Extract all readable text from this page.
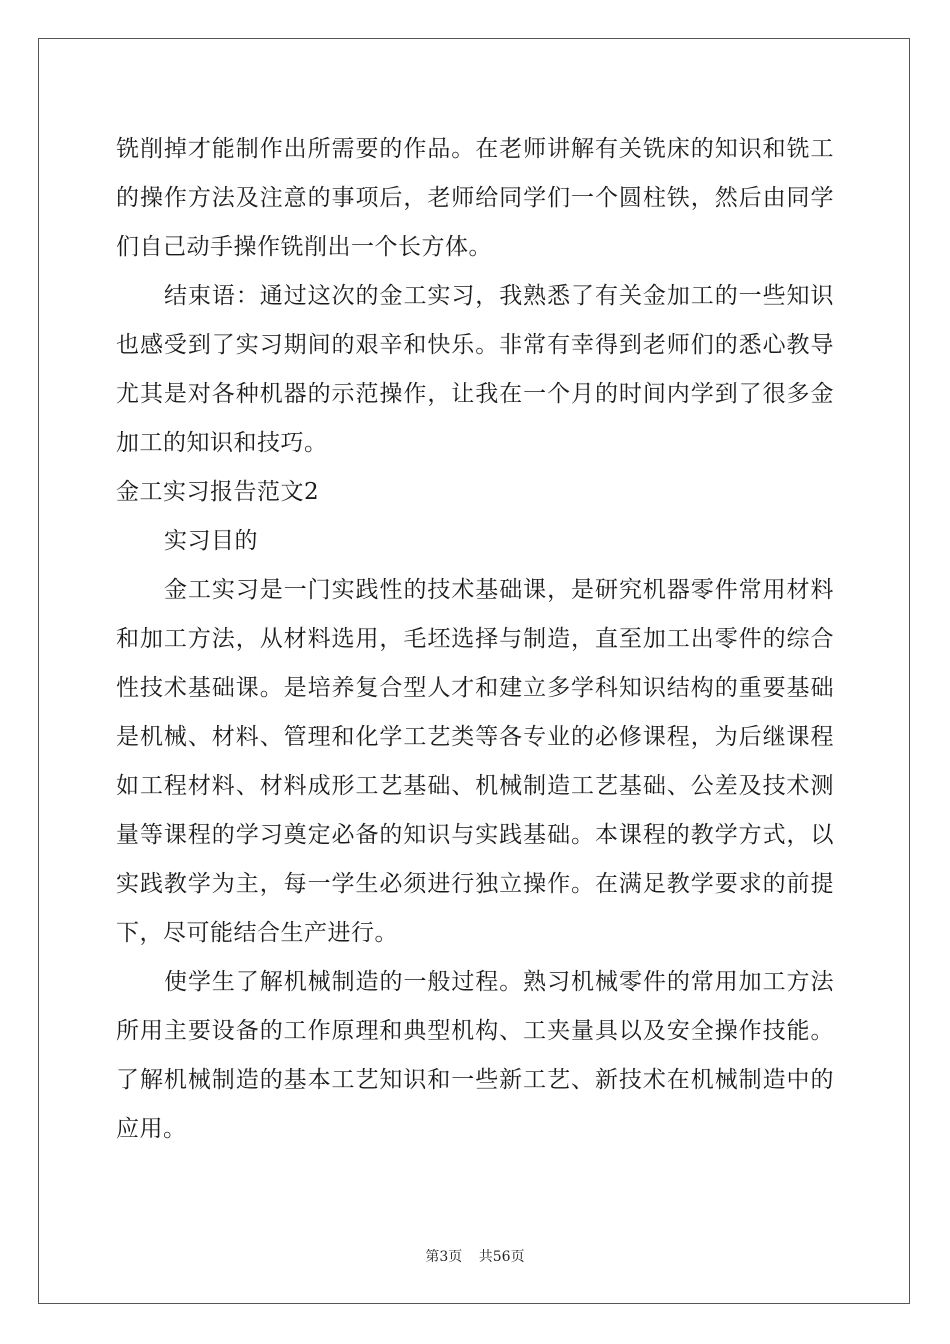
铣削掉才能制作出所需要的作品。在老师讲解有关铣床的知识和铣工
的操作方法及注意的事项后，老师给同学们一个圆柱铁，然后由同学
们自己动手操作铣削出一个长方体。
结束语：通过这次的金工实习，我熟悉了有关金加工的一些知识
也感受到了实习期间的艰辛和快乐。非常有幸得到老师们的悉心教导
尤其是对各种机器的示范操作，让我在一个月的时间内学到了很多金
加工的知识和技巧。
金工实习报告范文2
实习目的
金工实习是一门实践性的技术基础课，是研究机器零件常用材料
和加工方法，从材料选用，毛坯选择与制造，直至加工出零件的综合
性技术基础课。是培养复合型人才和建立多学科知识结构的重要基础
是机械、材料、管理和化学工艺类等各专业的必修课程，为后继课程
如工程材料、材料成形工艺基础、机械制造工艺基础、公差及技术测
量等课程的学习奠定必备的知识与实践基础。本课程的教学方式，以
实践教学为主，每一学生必须进行独立操作。在满足教学要求的前提
下，尽可能结合生产进行。
使学生了解机械制造的一般过程。熟习机械零件的常用加工方法
所用主要设备的工作原理和典型机构、工夹量具以及安全操作技能。
了解机械制造的基本工艺知识和一些新工艺、新技术在机械制造中的
应用。
第3页 共56页
